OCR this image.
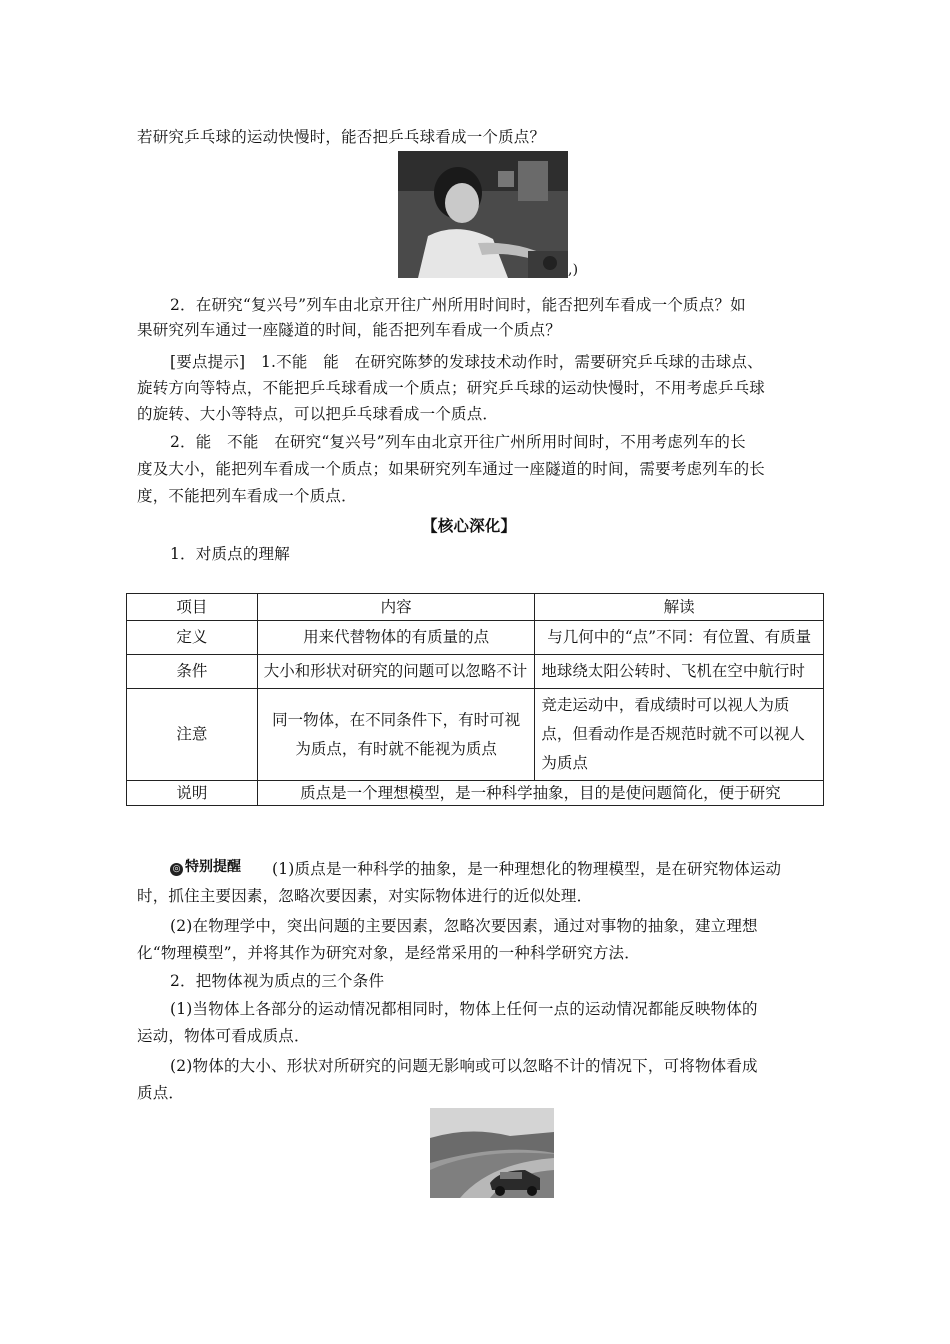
若研究乒乓球的运动快慢时，能否把乒乓球看成一个质点？
,)
2．在研究“复兴号”列车由北京开往广州所用时间时，能否把列车看成一个质点？如
果研究列车通过一座隧道的时间，能否把列车看成一个质点？
[要点提示]　1.不能　能　在研究陈梦的发球技术动作时，需要研究乒乓球的击球点、
旋转方向等特点，不能把乒乓球看成一个质点；研究乒乓球的运动快慢时，不用考虑乒乓球
的旋转、大小等特点，可以把乒乓球看成一个质点．
2．能　不能　在研究“复兴号”列车由北京开往广州所用时间时，不用考虑列车的长
度及大小，能把列车看成一个质点；如果研究列车通过一座隧道的时间，需要考虑列车的长
度，不能把列车看成一个质点．
【核心深化】
1．对质点的理解
项目	内容	解读
定义	用来代替物体的有质量的点	与几何中的“点”不同：有位置、有质量
条件	大小和形状对研究的问题可以忽略不计	地球绕太阳公转时、飞机在空中航行时
注意	同一物体，在不同条件下，有时可视为质点，有时就不能视为质点	竞走运动中，看成绩时可以视人为质点，但看动作是否规范时就不可以视人为质点
说明	质点是一个理想模型，是一种科学抽象，目的是使问题简化，便于研究	
◎ 特别提醒 (1)质点是一种科学的抽象，是一种理想化的物理模型，是在研究物体运动
时，抓住主要因素，忽略次要因素，对实际物体进行的近似处理．
(2)在物理学中，突出问题的主要因素，忽略次要因素，通过对事物的抽象，建立理想
化“物理模型”，并将其作为研究对象，是经常采用的一种科学研究方法．
2．把物体视为质点的三个条件
(1)当物体上各部分的运动情况都相同时，物体上任何一点的运动情况都能反映物体的
运动，物体可看成质点．
(2)物体的大小、形状对所研究的问题无影响或可以忽略不计的情况下，可将物体看成
质点．
